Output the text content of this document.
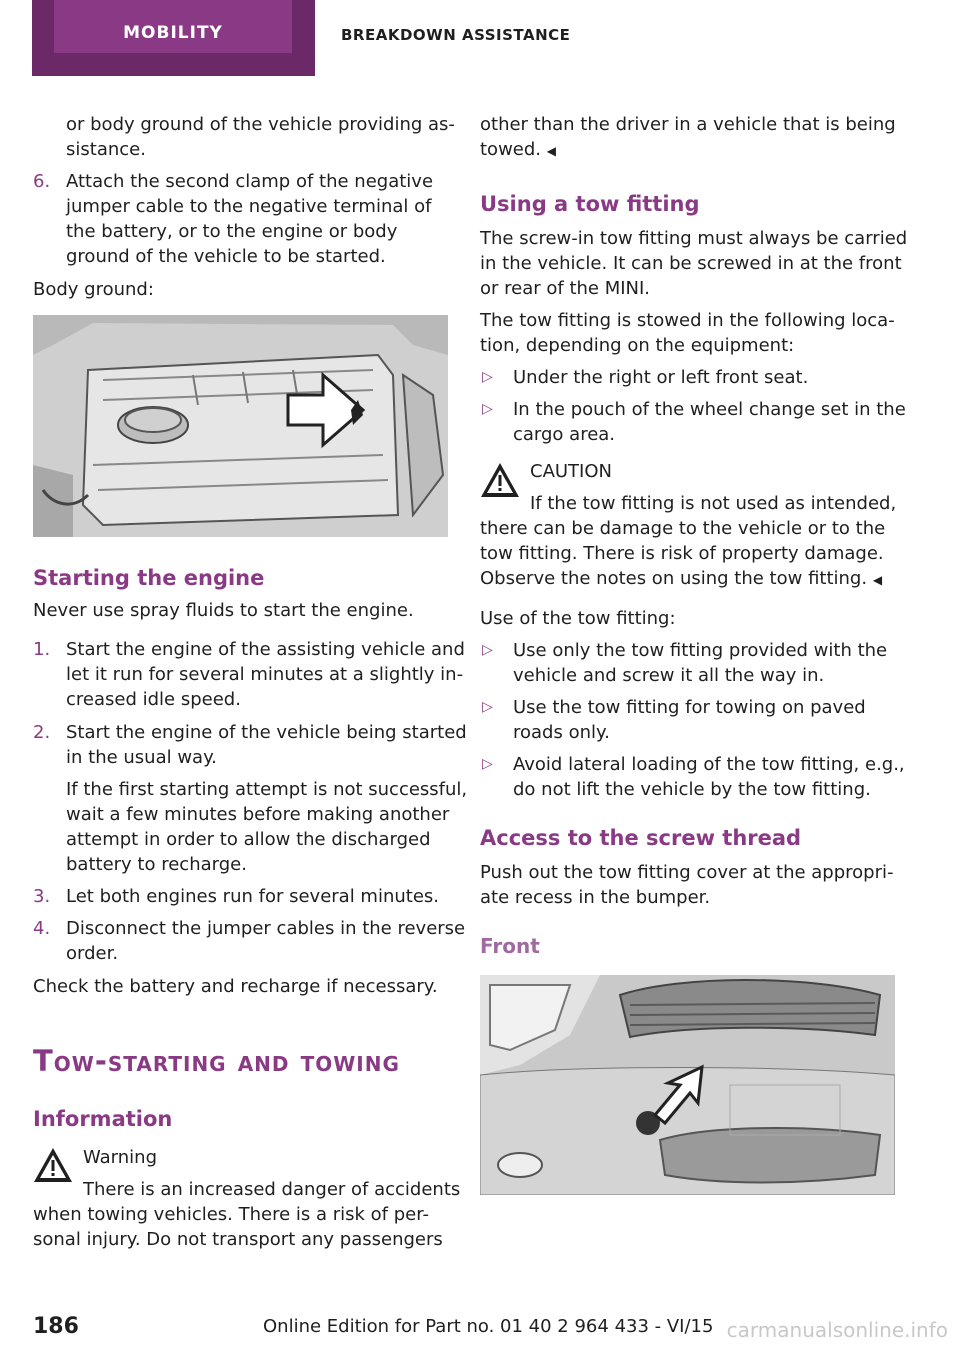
MOBILITY	BREAKDOWN ASSISTANCE
or body ground of the vehicle providing as-
sistance.
6. Attach the second clamp of the negative
jumper cable to the negative terminal of
the battery, or to the engine or body
ground of the vehicle to be started.
Body ground:
Starting the engine
Never use spray fluids to start the engine.
1. Start the engine of the assisting vehicle and
let it run for several minutes at a slightly in-
creased idle speed.
2. Start the engine of the vehicle being started
in the usual way.
If the first starting attempt is not successful,
wait a few minutes before making another
attempt in order to allow the discharged
battery to recharge.
3. Let both engines run for several minutes.
4. Disconnect the jumper cables in the reverse
order.
Check the battery and recharge if necessary.
Tow-starting and towing
Information
Warning
There is an increased danger of accidents
when towing vehicles. There is a risk of per-
sonal injury. Do not transport any passengers
other than the driver in a vehicle that is being
towed. ◀
Using a tow fitting
The screw-in tow fitting must always be carried
in the vehicle. It can be screwed in at the front
or rear of the MINI.
The tow fitting is stowed in the following loca-
tion, depending on the equipment:
▷ Under the right or left front seat.
▷ In the pouch of the wheel change set in the
cargo area.
CAUTION
If the tow fitting is not used as intended,
there can be damage to the vehicle or to the
tow fitting. There is risk of property damage.
Observe the notes on using the tow fitting. ◀
Use of the tow fitting:
▷ Use only the tow fitting provided with the
vehicle and screw it all the way in.
▷ Use the tow fitting for towing on paved
roads only.
▷ Avoid lateral loading of the tow fitting, e.g.,
do not lift the vehicle by the tow fitting.
Access to the screw thread
Push out the tow fitting cover at the appropri-
ate recess in the bumper.
Front
186	Online Edition for Part no. 01 40 2 964 433 - VI/15 carmanualsonline.info
